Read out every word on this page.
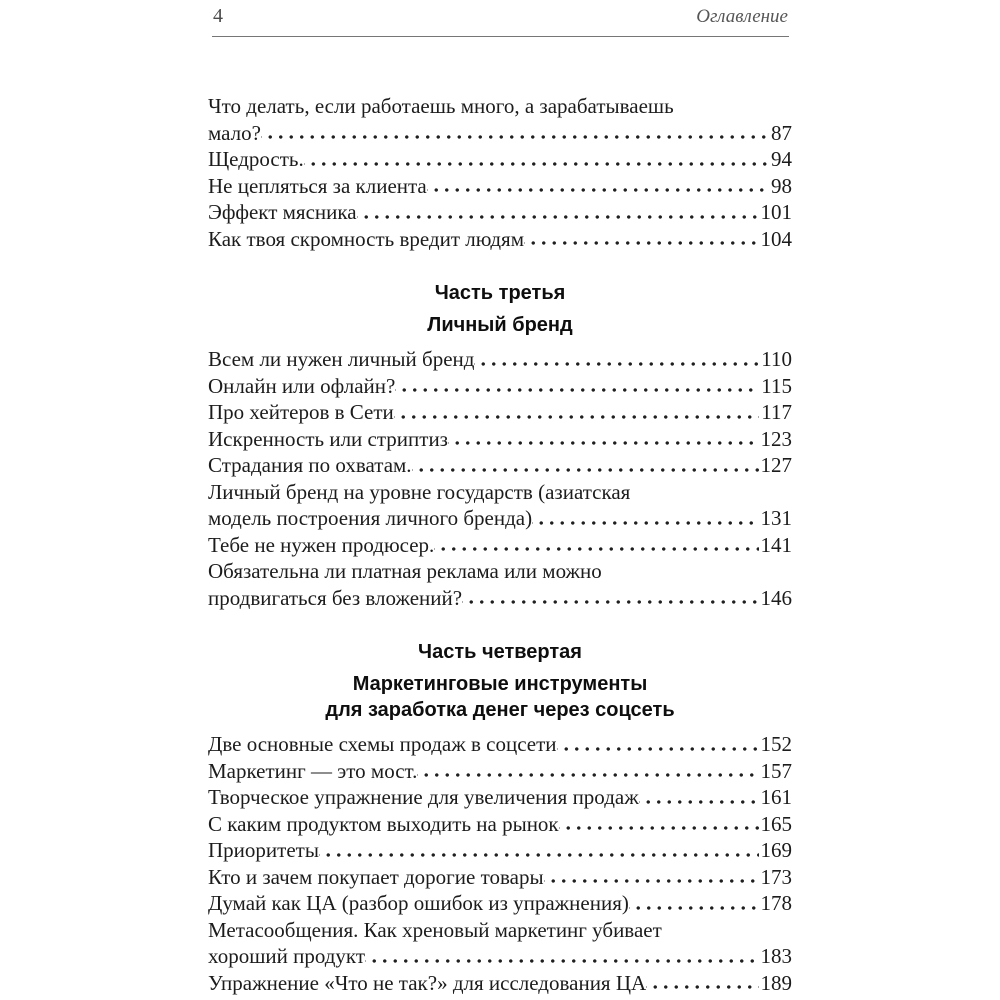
4	Оглавление
Что делать, если работаешь много, а зарабатываешь
мало?	87
Щедрость.	94
Не цепляться за клиента	98
Эффект мясника	101
Как твоя скромность вредит людям	104
Часть третья
Личный бренд
Всем ли нужен личный бренд	110
Онлайн или офлайн?	115
Про хейтеров в Сети	117
Искренность или стриптиз	123
Страдания по охватам.	127
Личный бренд на уровне государств (азиатская
модель построения личного бренда)	131
Тебе не нужен продюсер.	141
Обязательна ли платная реклама или можно
продвигаться без вложений?	146
Часть четвертая
Маркетинговые инструменты
для заработка денег через соцсеть
Две основные схемы продаж в соцсети	152
Маркетинг — это мост.	157
Творческое упражнение для увеличения продаж	161
С каким продуктом выходить на рынок	165
Приоритеты	169
Кто и зачем покупает дорогие товары	173
Думай как ЦА (разбор ошибок из упражнения)	178
Метасообщения. Как хреновый маркетинг убивает
хороший продукт	183
Упражнение «Что не так?» для исследования ЦА	189
